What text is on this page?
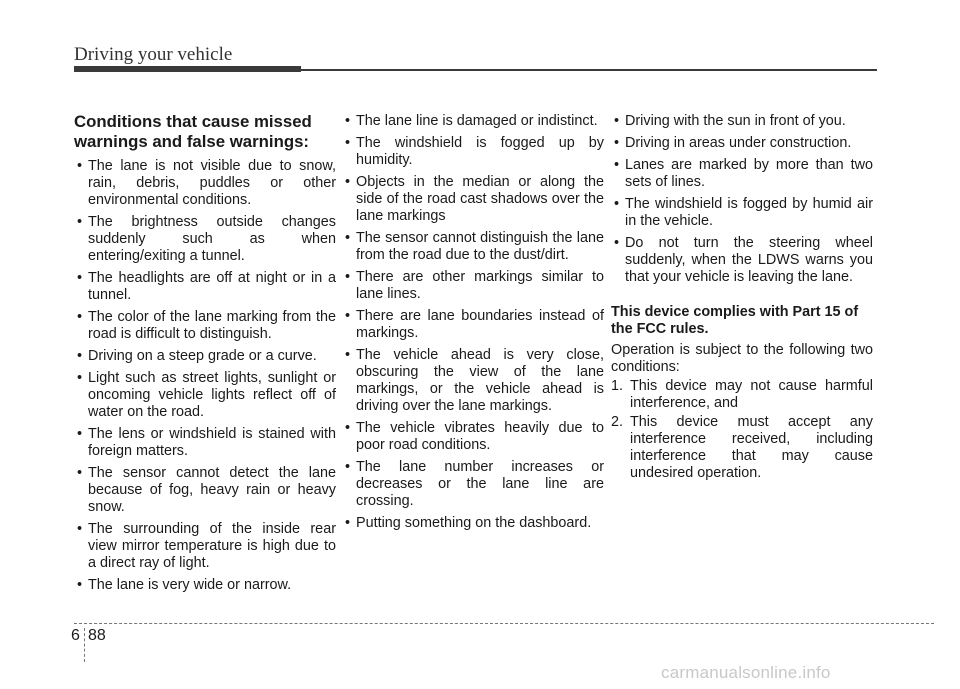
Driving your vehicle
Conditions that cause missed warnings and false warnings:
• The lane is not visible due to snow, rain, debris, puddles or other environmental conditions.
• The brightness outside changes suddenly such as when entering/exiting a tunnel.
• The headlights are off at night or in a tunnel.
• The color of the lane marking from the road is difficult to distinguish.
• Driving on a steep grade or a curve.
• Light such as street lights, sunlight or oncoming vehicle lights reflect off of water on the road.
• The lens or windshield is stained with foreign matters.
• The sensor cannot detect the lane because of fog, heavy rain or heavy snow.
• The surrounding of the inside rear view mirror temperature is high due to a direct ray of light.
• The lane is very wide or narrow.
• The lane line is damaged or indistinct.
• The windshield is fogged up by humidity.
• Objects in the median or along the side of the road cast shadows over the lane markings
• The sensor cannot distinguish the lane from the road due to the dust/dirt.
• There are other markings similar to lane lines.
• There are lane boundaries instead of markings.
• The vehicle ahead is very close, obscuring the view of the lane markings, or the vehicle ahead is driving over the lane markings.
• The vehicle vibrates heavily due to poor road conditions.
• The lane number increases or decreases or the lane line are crossing.
• Putting something on the dashboard.
• Driving with the sun in front of you.
• Driving in areas under construction.
• Lanes are marked by more than two sets of lines.
• The windshield is fogged by humid air in the vehicle.
• Do not turn the steering wheel suddenly, when the LDWS warns you that your vehicle is leaving the lane.
This device complies with Part 15 of the FCC rules.
Operation is subject to the following two conditions:
1. This device may not cause harmful interference, and
2. This device must accept any interference received, including interference that may cause undesired operation.
6 88
carmanualsonline.info
